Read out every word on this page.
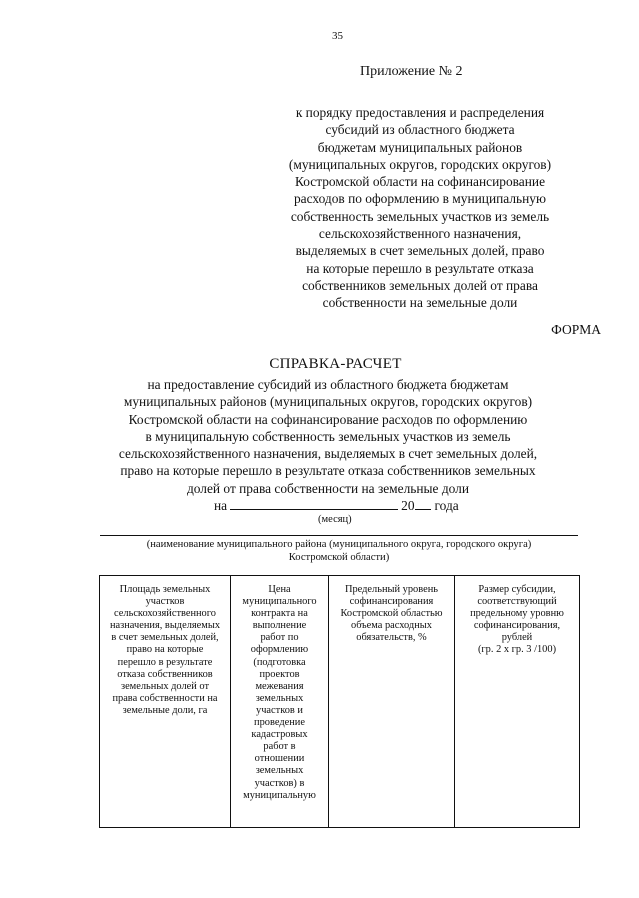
35
Приложение № 2
к порядку предоставления и распределения
субсидий из областного бюджета
бюджетам муниципальных районов
(муниципальных округов, городских округов)
Костромской области на софинансирование
расходов по оформлению в муниципальную
собственность земельных участков из земель
сельскохозяйственного назначения,
выделяемых в счет земельных долей, право
на которые перешло в результате отказа
собственников земельных долей от права
собственности на земельные доли
ФОРМА
СПРАВКА-РАСЧЕТ
на предоставление субсидий из областного бюджета бюджетам
муниципальных районов (муниципальных округов, городских округов)
Костромской области на софинансирование расходов по оформлению
в муниципальную собственность земельных участков из земель
сельскохозяйственного назначения, выделяемых в счет земельных долей,
право на которые перешло в результате отказа собственников земельных
долей от права собственности на земельные доли
на	20 года
(месяц)
(наименование муниципального района (муниципального округа, городского округа)
Костромской области)
Площадь земельных
участков
сельскохозяйственного
назначения, выделяемых
в счет земельных долей,
право на которые
перешло в результате
отказа собственников
земельных долей от
права собственности на
земельные доли, га

Цена
муниципального
контракта на
выполнение
работ по
оформлению
(подготовка
проектов
межевания
земельных
участков и
проведение
кадастровых
работ в
отношении
земельных
участков) в
муниципальную

Предельный уровень
софинансирования
Костромской областью
объема расходных
обязательств, %

Размер субсидии,
соответствующий
предельному уровню
софинансирования,
рублей
(гр. 2 x гр. 3 /100)
